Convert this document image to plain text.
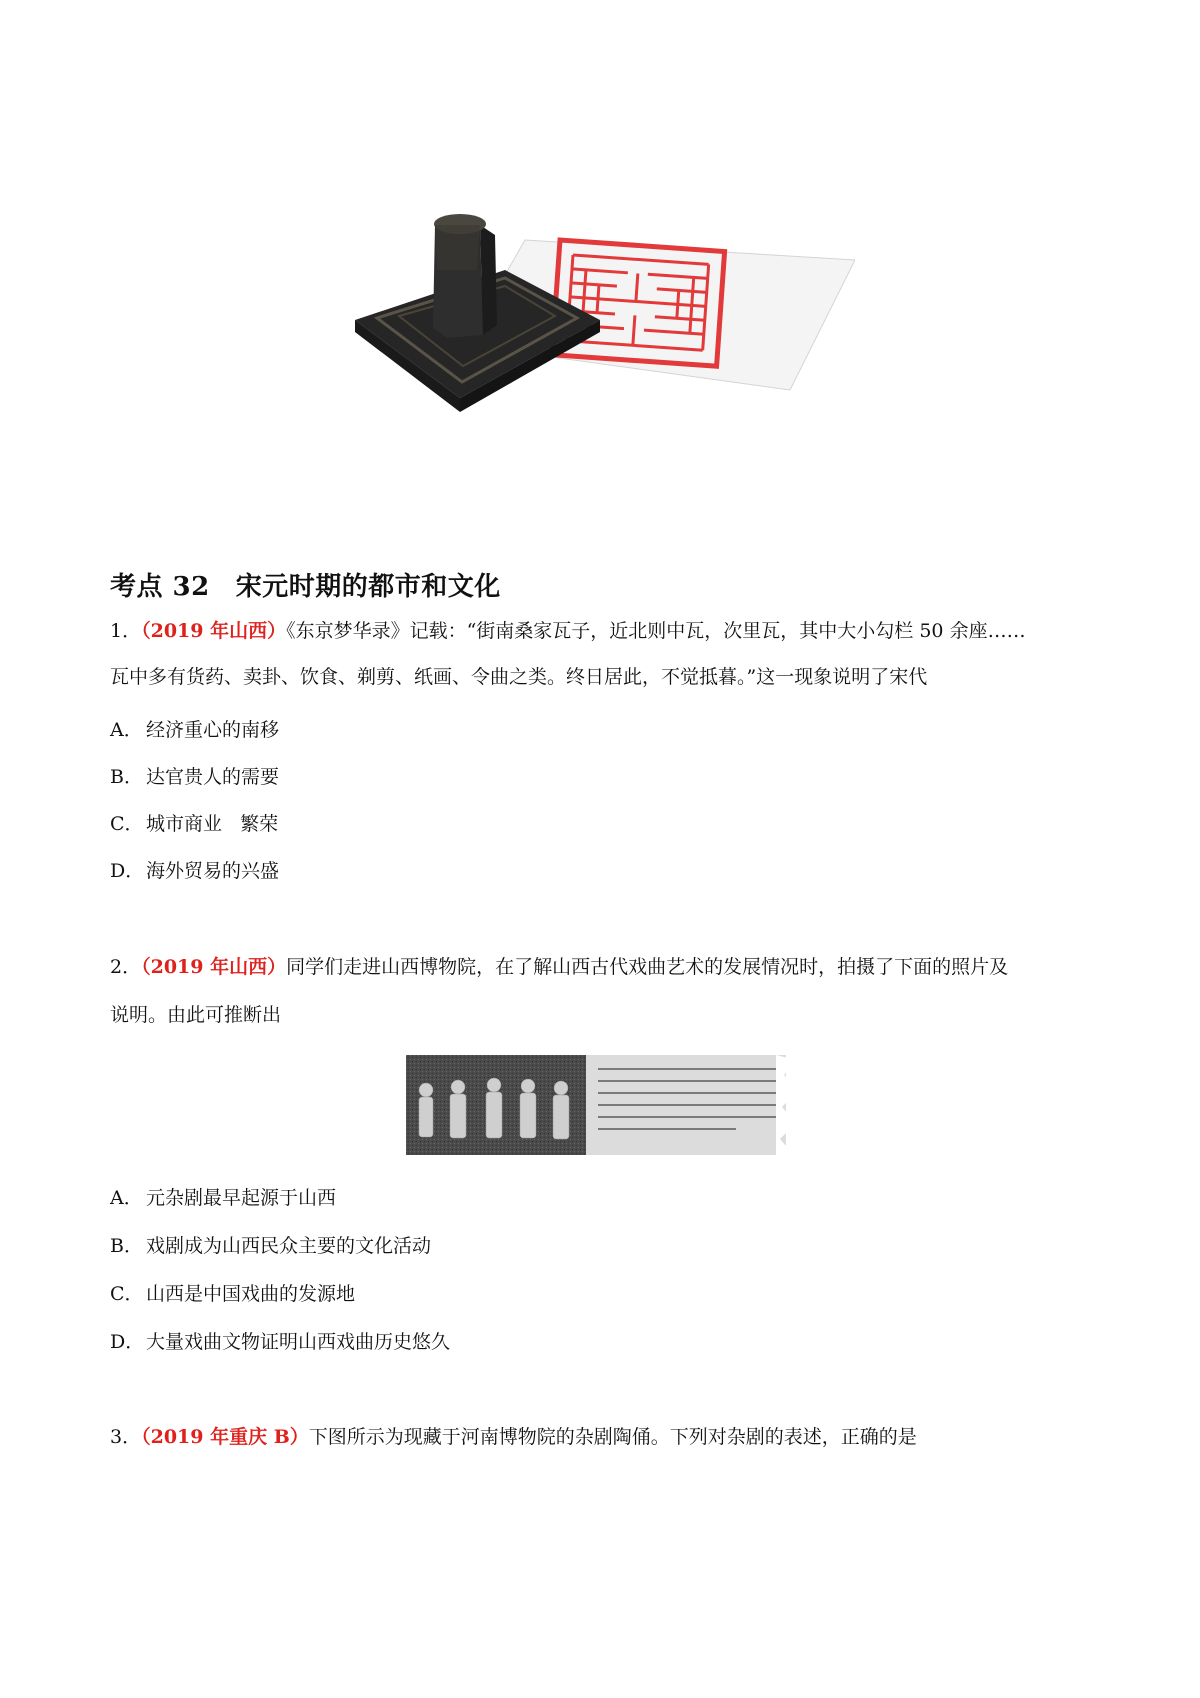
考点 32 宋元时期的都市和文化
1．（2019 年山西）《东京梦华录》记载：“街南桑家瓦子，近北则中瓦，次里瓦，其中大小勾栏 50 余座……
瓦中多有货药、卖卦、饮食、剃剪、纸画、令曲之类。终日居此，不觉抵暮。”这一现象说明了宋代
A． 经济重心的南移
B． 达官贵人的需要
C． 城市商业   繁荣
D．海外贸易的兴盛
2．（2019 年山西）同学们走进山西博物院，在了解山西古代戏曲艺术的发展情况时，拍摄了下面的照片及
说明。由此可推断出
A． 元杂剧最早起源于山西
B． 戏剧成为山西民众主要的文化活动
C． 山西是中国戏曲的发源地
D．大量戏曲文物证明山西戏曲历史悠久
3．（2019 年重庆 B）下图所示为现藏于河南博物院的杂剧陶俑。下列对杂剧的表述，正确的是
